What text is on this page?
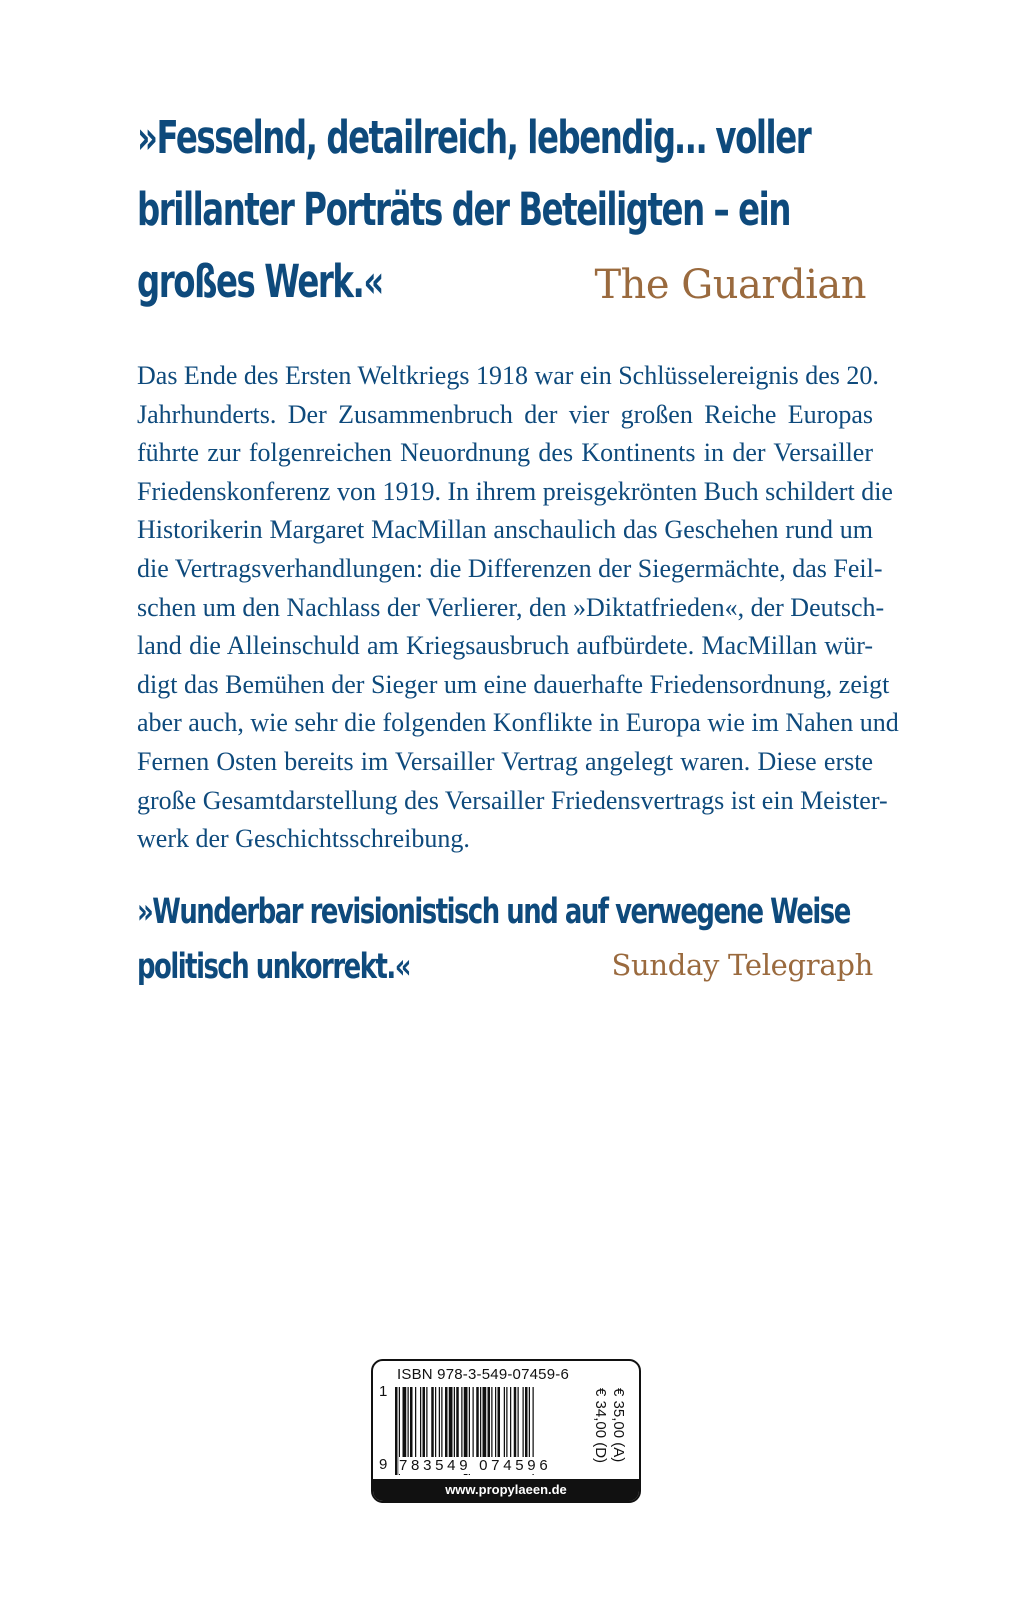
»Fesselnd, detailreich, lebendig… voller
brillanter Porträts der Beteiligten – ein
großes Werk.«	The Guardian
Das Ende des Ersten Weltkriegs 1918 war ein Schlüsselereignis des 20.
Jahrhunderts. Der Zusammenbruch der vier großen Reiche Europas
führte zur folgenreichen Neuordnung des Kontinents in der Versailler
Friedenskonferenz von 1919. In ihrem preisgekrönten Buch schildert die
Historikerin Margaret MacMillan anschaulich das Geschehen rund um
die Vertragsverhandlungen: die Differenzen der Siegermächte, das Feil-
schen um den Nachlass der Verlierer, den »Diktatfrieden«, der Deutsch-
land die Alleinschuld am Kriegsausbruch aufbürdete. MacMillan wür-
digt das Bemühen der Sieger um eine dauerhafte Friedensordnung, zeigt
aber auch, wie sehr die folgenden Konflikte in Europa wie im Nahen und
Fernen Osten bereits im Versailler Vertrag angelegt waren. Diese erste
große Gesamtdarstellung des Versailler Friedensvertrags ist ein Meister-
werk der Geschichtsschreibung.
»Wunderbar revisionistisch und auf verwegene Weise
politisch unkorrekt.«	Sunday Telegraph
ISBN 978-3-549-07459-6
1
9 783549 074596
€ 34,00 (D) € 35,00 (A)
www.propylaeen.de
